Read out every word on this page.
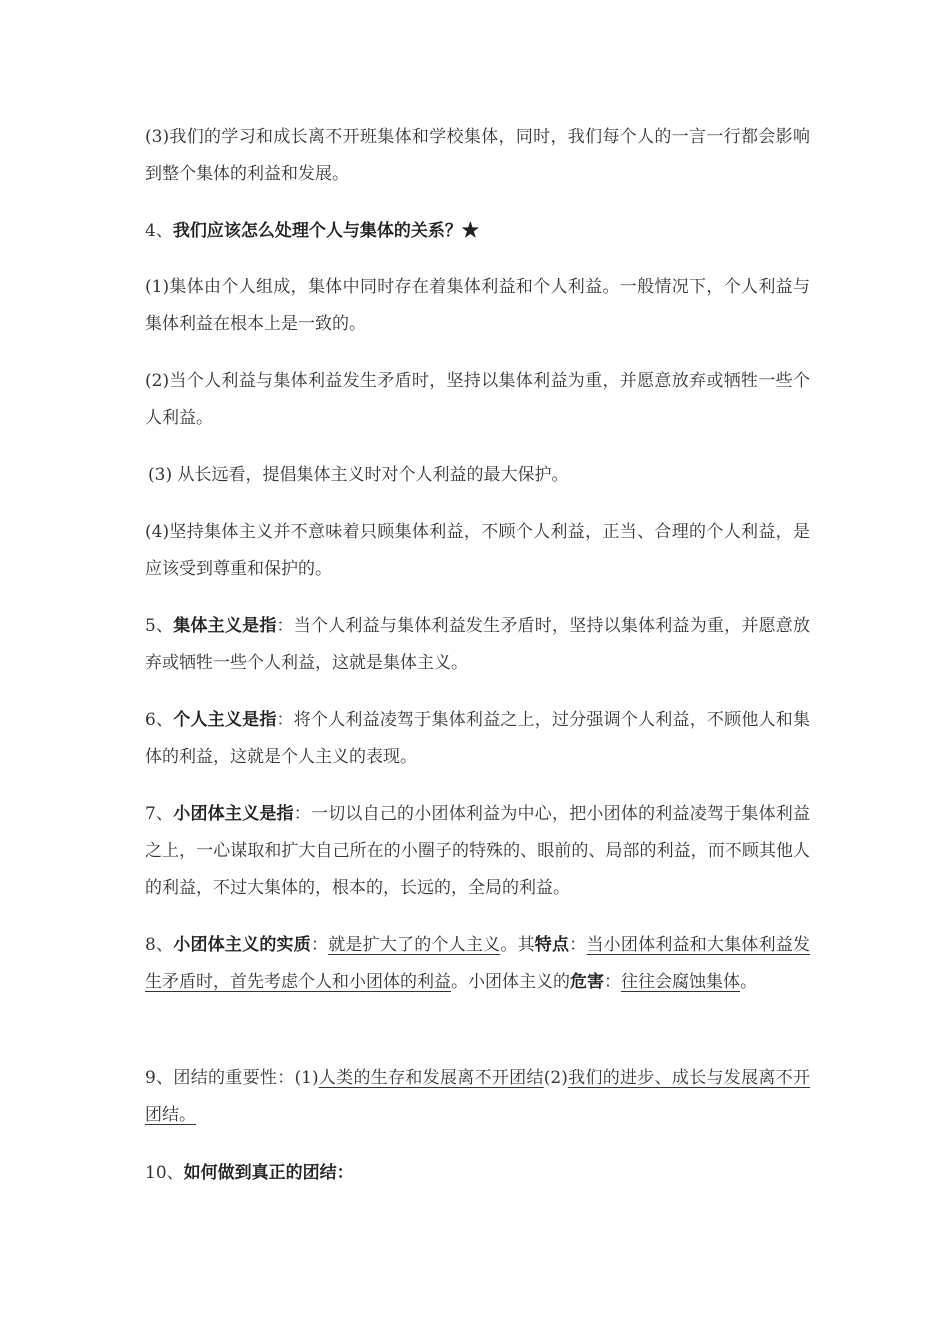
(3)我们的学习和成长离不开班集体和学校集体，同时，我们每个人的一言一行都会影响到整个集体的利益和发展。

4、我们应该怎么处理个人与集体的关系？★

(1)集体由个人组成，集体中同时存在着集体利益和个人利益。一般情况下，个人利益与集体利益在根本上是一致的。

(2)当个人利益与集体利益发生矛盾时，坚持以集体利益为重，并愿意放弃或牺牲一些个人利益。

(3) 从长远看，提倡集体主义时对个人利益的最大保护。

(4)坚持集体主义并不意味着只顾集体利益，不顾个人利益，正当、合理的个人利益，是应该受到尊重和保护的。

5、集体主义是指：当个人利益与集体利益发生矛盾时，坚持以集体利益为重，并愿意放弃或牺牲一些个人利益，这就是集体主义。

6、个人主义是指：将个人利益凌驾于集体利益之上，过分强调个人利益，不顾他人和集体的利益，这就是个人主义的表现。

7、小团体主义是指：一切以自己的小团体利益为中心，把小团体的利益凌驾于集体利益之上，一心谋取和扩大自己所在的小圈子的特殊的、眼前的、局部的利益，而不顾其他人的利益，不过大集体的，根本的，长远的，全局的利益。

8、小团体主义的实质：就是扩大了的个人主义。其特点：当小团体利益和大集体利益发生矛盾时，首先考虑个人和小团体的利益。小团体主义的危害：往往会腐蚀集体。

9、团结的重要性：(1)人类的生存和发展离不开团结(2)我们的进步、成长与发展离不开团结。

10、如何做到真正的团结：
